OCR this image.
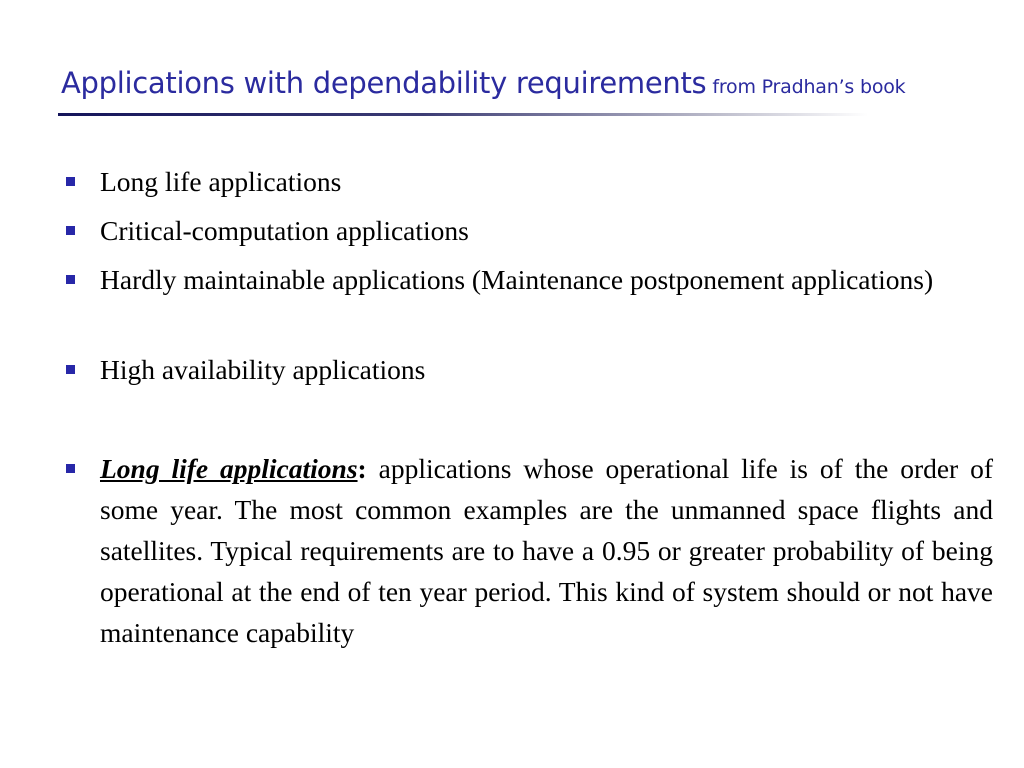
Applications with dependability requirements from Pradhan’s book
Long life applications
Critical-computation applications
Hardly maintainable applications (Maintenance postponement applications)
High availability applications
Long life applications: applications whose operational life is of the order of some year. The most common examples are the unmanned space flights and satellites. Typical requirements are to have a 0.95 or greater probability of being operational at the end of ten year period. This kind of system should or not have maintenance capability
